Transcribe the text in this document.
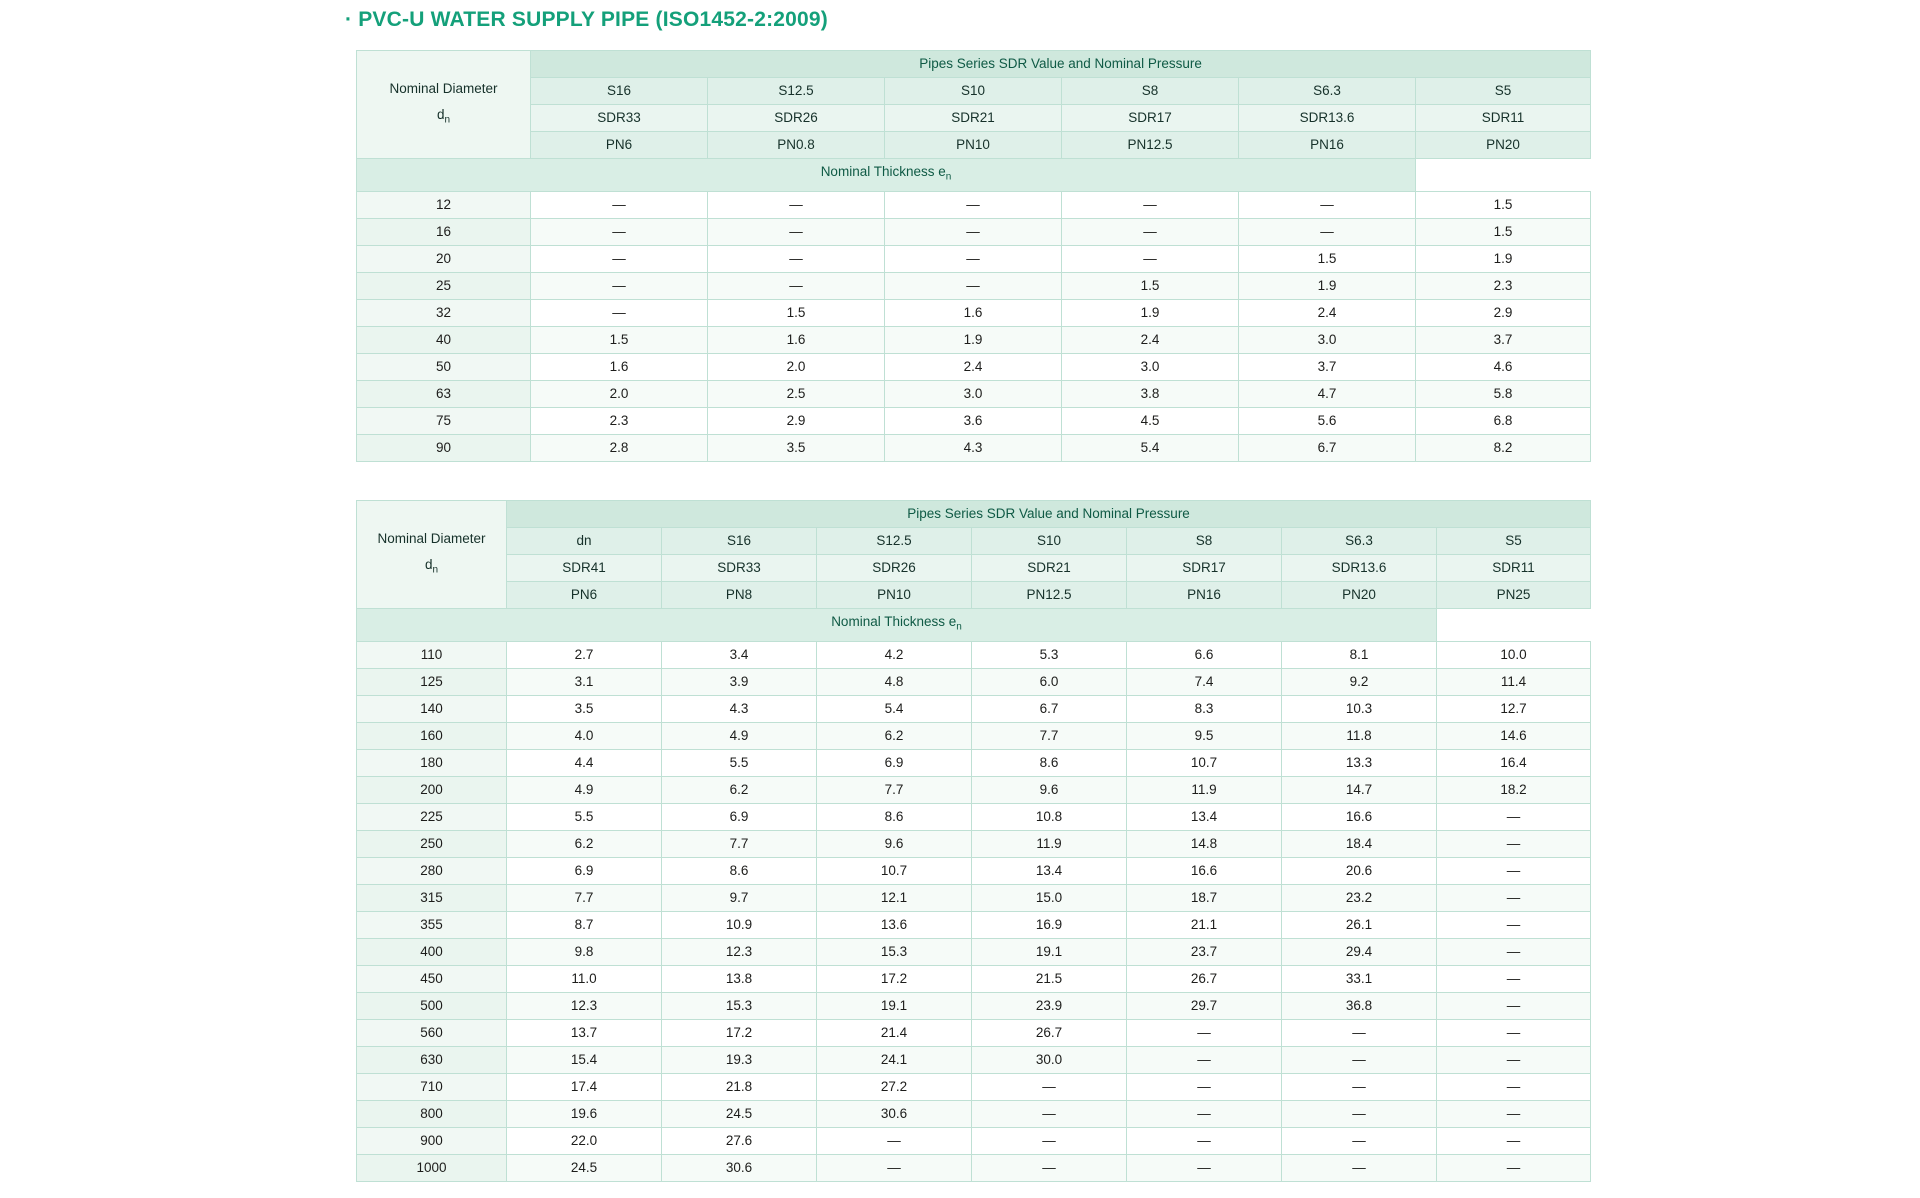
· PVC-U WATER SUPPLY PIPE (ISO1452-2:2009)
Nominal Diameter
$d_n$	Pipes Series SDR Value and Nominal Pressure					
	S16	S12.5	S10	S8	S6.3	S5
	SDR33	SDR26	SDR21	SDR17	SDR13.6	SDR11
	PN6	PN0.8	PN10	PN12.5	PN16	PN20
Nominal Thickness $e_n$
12	—	—	—	—	—	1.5
16	—	—	—	—	—	1.5
20	—	—	—	—	1.5	1.9
25	—	—	—	1.5	1.9	2.3
32	—	1.5	1.6	1.9	2.4	2.9
40	1.5	1.6	1.9	2.4	3.0	3.7
50	1.6	2.0	2.4	3.0	3.7	4.6
63	2.0	2.5	3.0	3.8	4.7	5.8
75	2.3	2.9	3.6	4.5	5.6	6.8
90	2.8	3.5	4.3	5.4	6.7	8.2
Nominal Diameter
$d_n$	Pipes Series SDR Value and Nominal Pressure						
	dn	S16	S12.5	S10	S8	S6.3	S5
	SDR41	SDR33	SDR26	SDR21	SDR17	SDR13.6	SDR11
	PN6	PN8	PN10	PN12.5	PN16	PN20	PN25
Nominal Thickness $e_n$
110	2.7	3.4	4.2	5.3	6.6	8.1	10.0
125	3.1	3.9	4.8	6.0	7.4	9.2	11.4
140	3.5	4.3	5.4	6.7	8.3	10.3	12.7
160	4.0	4.9	6.2	7.7	9.5	11.8	14.6
180	4.4	5.5	6.9	8.6	10.7	13.3	16.4
200	4.9	6.2	7.7	9.6	11.9	14.7	18.2
225	5.5	6.9	8.6	10.8	13.4	16.6	—
250	6.2	7.7	9.6	11.9	14.8	18.4	—
280	6.9	8.6	10.7	13.4	16.6	20.6	—
315	7.7	9.7	12.1	15.0	18.7	23.2	—
355	8.7	10.9	13.6	16.9	21.1	26.1	—
400	9.8	12.3	15.3	19.1	23.7	29.4	—
450	11.0	13.8	17.2	21.5	26.7	33.1	—
500	12.3	15.3	19.1	23.9	29.7	36.8	—
560	13.7	17.2	21.4	26.7	—	—	—
630	15.4	19.3	24.1	30.0	—	—	—
710	17.4	21.8	27.2	—	—	—	—
800	19.6	24.5	30.6	—	—	—	—
900	22.0	27.6	—	—	—	—	—
1000	24.5	30.6	—	—	—	—	—
